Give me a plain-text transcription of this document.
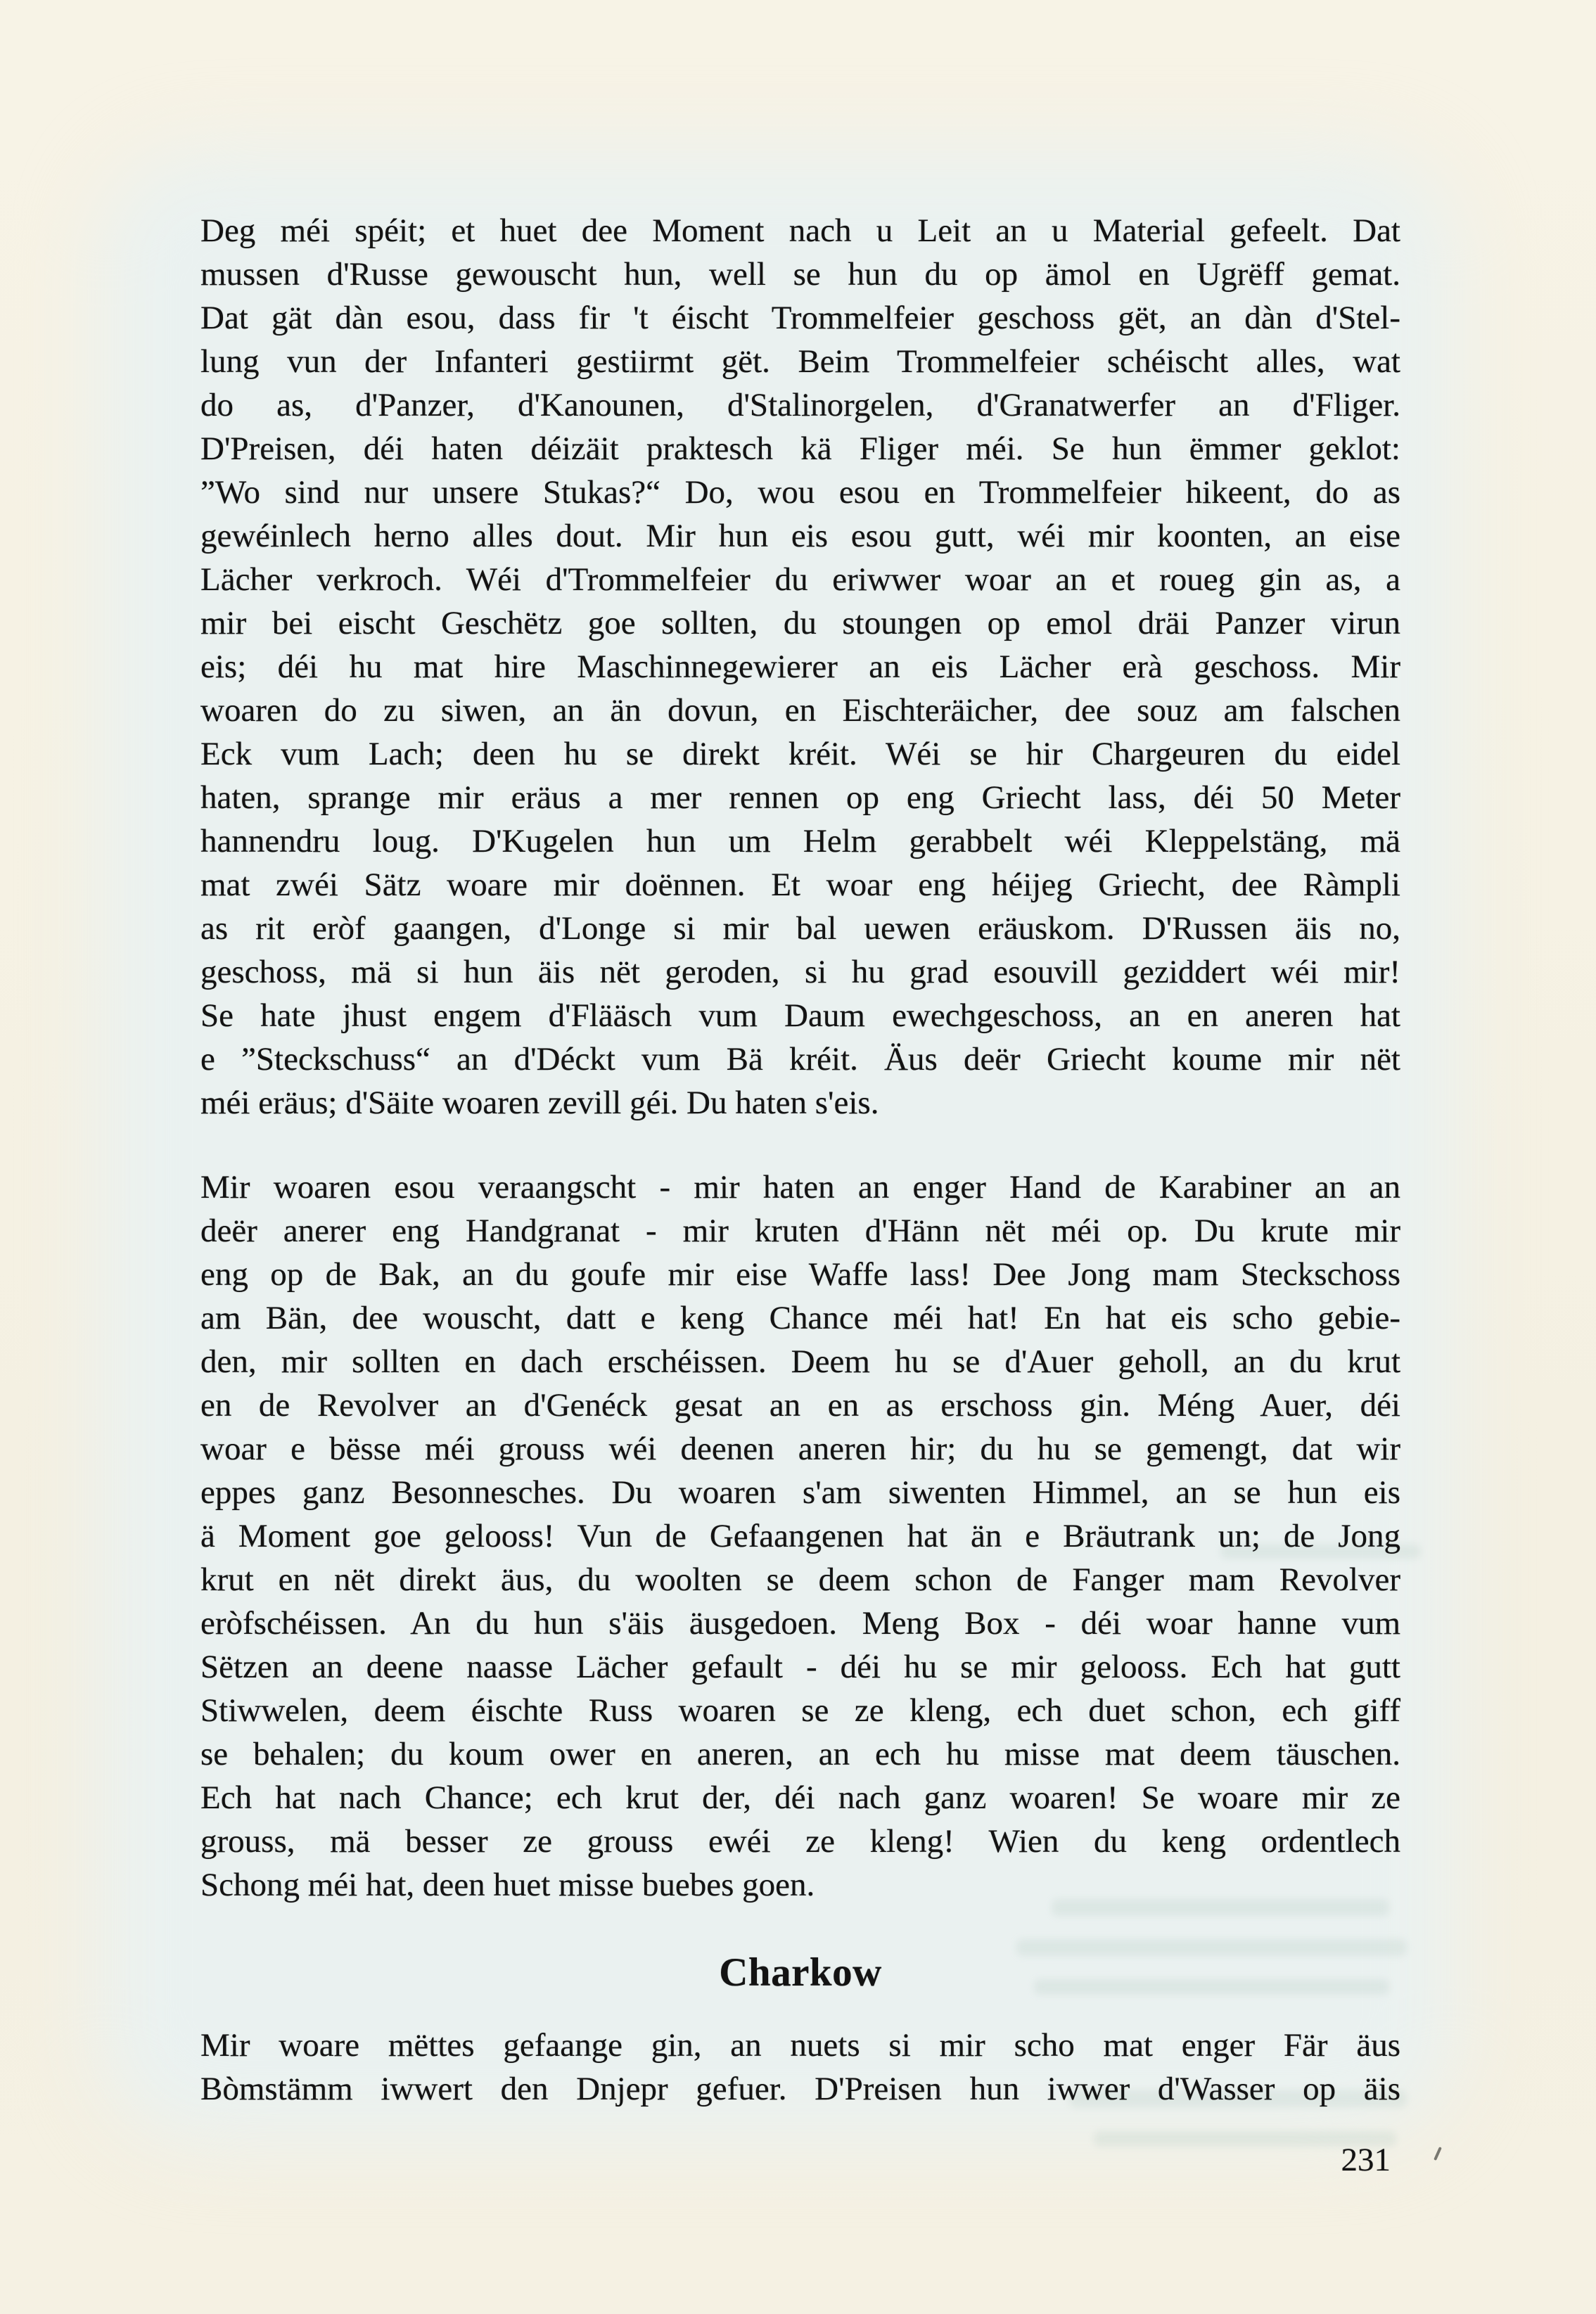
Deg méi spéit; et huet dee Moment nach u Leit an u Material gefeelt. Dat
mussen d'Russe gewouscht hun, well se hun du op ämol en Ugrëff gemat.
Dat gät dàn esou, dass fir 't éischt Trommelfeier geschoss gët, an dàn d'Stel-
lung vun der Infanteri gestiirmt gët. Beim Trommelfeier schéischt alles, wat
do as, d'Panzer, d'Kanounen, d'Stalinorgelen, d'Granatwerfer an d'Fliger.
D'Preisen, déi haten déizäit praktesch kä Fliger méi. Se hun ëmmer geklot:
”Wo sind nur unsere Stukas?“ Do, wou esou en Trommelfeier hikeent, do as
gewéinlech herno alles dout. Mir hun eis esou gutt, wéi mir koonten, an eise
Lächer verkroch. Wéi d'Trommelfeier du eriwwer woar an et roueg gin as, a
mir bei eischt Geschëtz goe sollten, du stoungen op emol dräi Panzer virun
eis; déi hu mat hire Maschinnegewierer an eis Lächer erà geschoss. Mir
woaren do zu siwen, an än dovun, en Eischteräicher, dee souz am falschen
Eck vum Lach; deen hu se direkt kréit. Wéi se hir Chargeuren du eidel
haten, sprange mir eräus a mer rennen op eng Griecht lass, déi 50 Meter
hannendru loug. D'Kugelen hun um Helm gerabbelt wéi Kleppelstäng, mä
mat zwéi Sätz woare mir doënnen. Et woar eng héijeg Griecht, dee Ràmpli
as rit eròf gaangen, d'Longe si mir bal uewen eräuskom. D'Russen äis no,
geschoss, mä si hun äis nët geroden, si hu grad esouvill geziddert wéi mir!
Se hate jhust engem d'Flääsch vum Daum ewechgeschoss, an en aneren hat
e ”Steckschuss“ an d'Déckt vum Bä kréit. Äus deër Griecht koume mir nët
méi eräus; d'Säite woaren zevill géi. Du haten s'eis.
Mir woaren esou veraangscht - mir haten an enger Hand de Karabiner an an
deër anerer eng Handgranat - mir kruten d'Hänn nët méi op. Du krute mir
eng op de Bak, an du goufe mir eise Waffe lass! Dee Jong mam Steckschoss
am Bän, dee wouscht, datt e keng Chance méi hat! En hat eis scho gebie-
den, mir sollten en dach erschéissen. Deem hu se d'Auer geholl, an du krut
en de Revolver an d'Genéck gesat an en as erschoss gin. Méng Auer, déi
woar e bësse méi grouss wéi deenen aneren hir; du hu se gemengt, dat wir
eppes ganz Besonnesches. Du woaren s'am siwenten Himmel, an se hun eis
ä Moment goe gelooss! Vun de Gefaangenen hat än e Bräutrank un; de Jong
krut en nët direkt äus, du woolten se deem schon de Fanger mam Revolver
eròfschéissen. An du hun s'äis äusgedoen. Meng Box - déi woar hanne vum
Sëtzen an deene naasse Lächer gefault - déi hu se mir gelooss. Ech hat gutt
Stiwwelen, deem éischte Russ woaren se ze kleng, ech duet schon, ech giff
se behalen; du koum ower en aneren, an ech hu misse mat deem täuschen.
Ech hat nach Chance; ech krut der, déi nach ganz woaren! Se woare mir ze
grouss, mä besser ze grouss ewéi ze kleng! Wien du keng ordentlech
Schong méi hat, deen huet misse buebes goen.
Charkow
Mir woare mëttes gefaange gin, an nuets si mir scho mat enger Fär äus
Bòmstämm iwwert den Dnjepr gefuer. D'Preisen hun iwwer d'Wasser op äis
231
